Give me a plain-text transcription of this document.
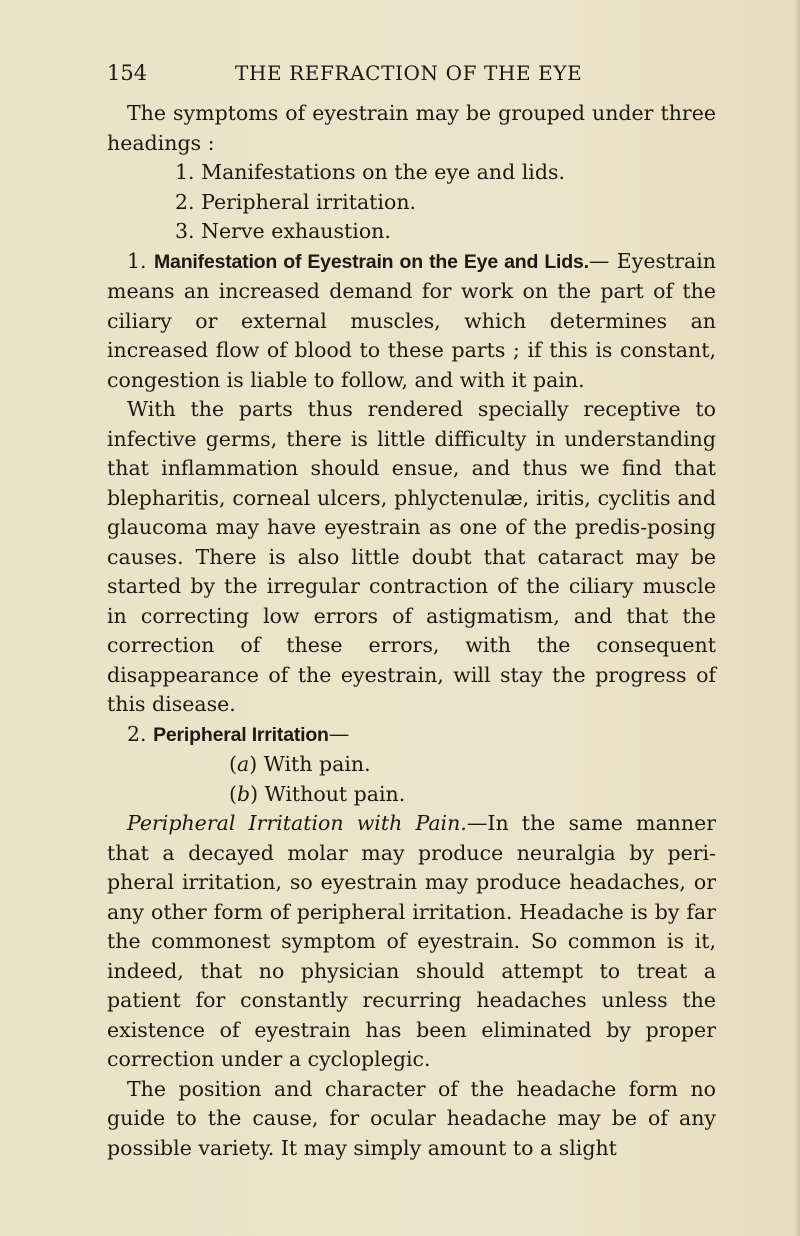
154	THE REFRACTION OF THE EYE

The symptoms of eyestrain may be grouped under three headings :

1. Manifestations on the eye and lids.

2. Peripheral irritation.

3. Nerve exhaustion.

1. Manifestation of Eyestrain on the Eye and Lids.— Eyestrain means an increased demand for work on the part of the ciliary or external muscles, which determines an increased flow of blood to these parts ; if this is constant, congestion is liable to follow, and with it pain.

With the parts thus rendered specially receptive to infective germs, there is little difficulty in understanding that inflammation should ensue, and thus we find that blepharitis, corneal ulcers, phlyctenulæ, iritis, cyclitis and glaucoma may have eyestrain as one of the predis-posing causes. There is also little doubt that cataract may be started by the irregular contraction of the ciliary muscle in correcting low errors of astigmatism, and that the correction of these errors, with the consequent disappearance of the eyestrain, will stay the progress of this disease.

2. Peripheral Irritation—

(a) With pain.

(b) Without pain.

Peripheral Irritation with Pain.—In the same manner that a decayed molar may produce neuralgia by peri-pheral irritation, so eyestrain may produce headaches, or any other form of peripheral irritation. Headache is by far the commonest symptom of eyestrain. So common is it, indeed, that no physician should attempt to treat a patient for constantly recurring headaches unless the existence of eyestrain has been eliminated by proper correction under a cycloplegic.

The position and character of the headache form no guide to the cause, for ocular headache may be of any possible variety. It may simply amount to a slight
